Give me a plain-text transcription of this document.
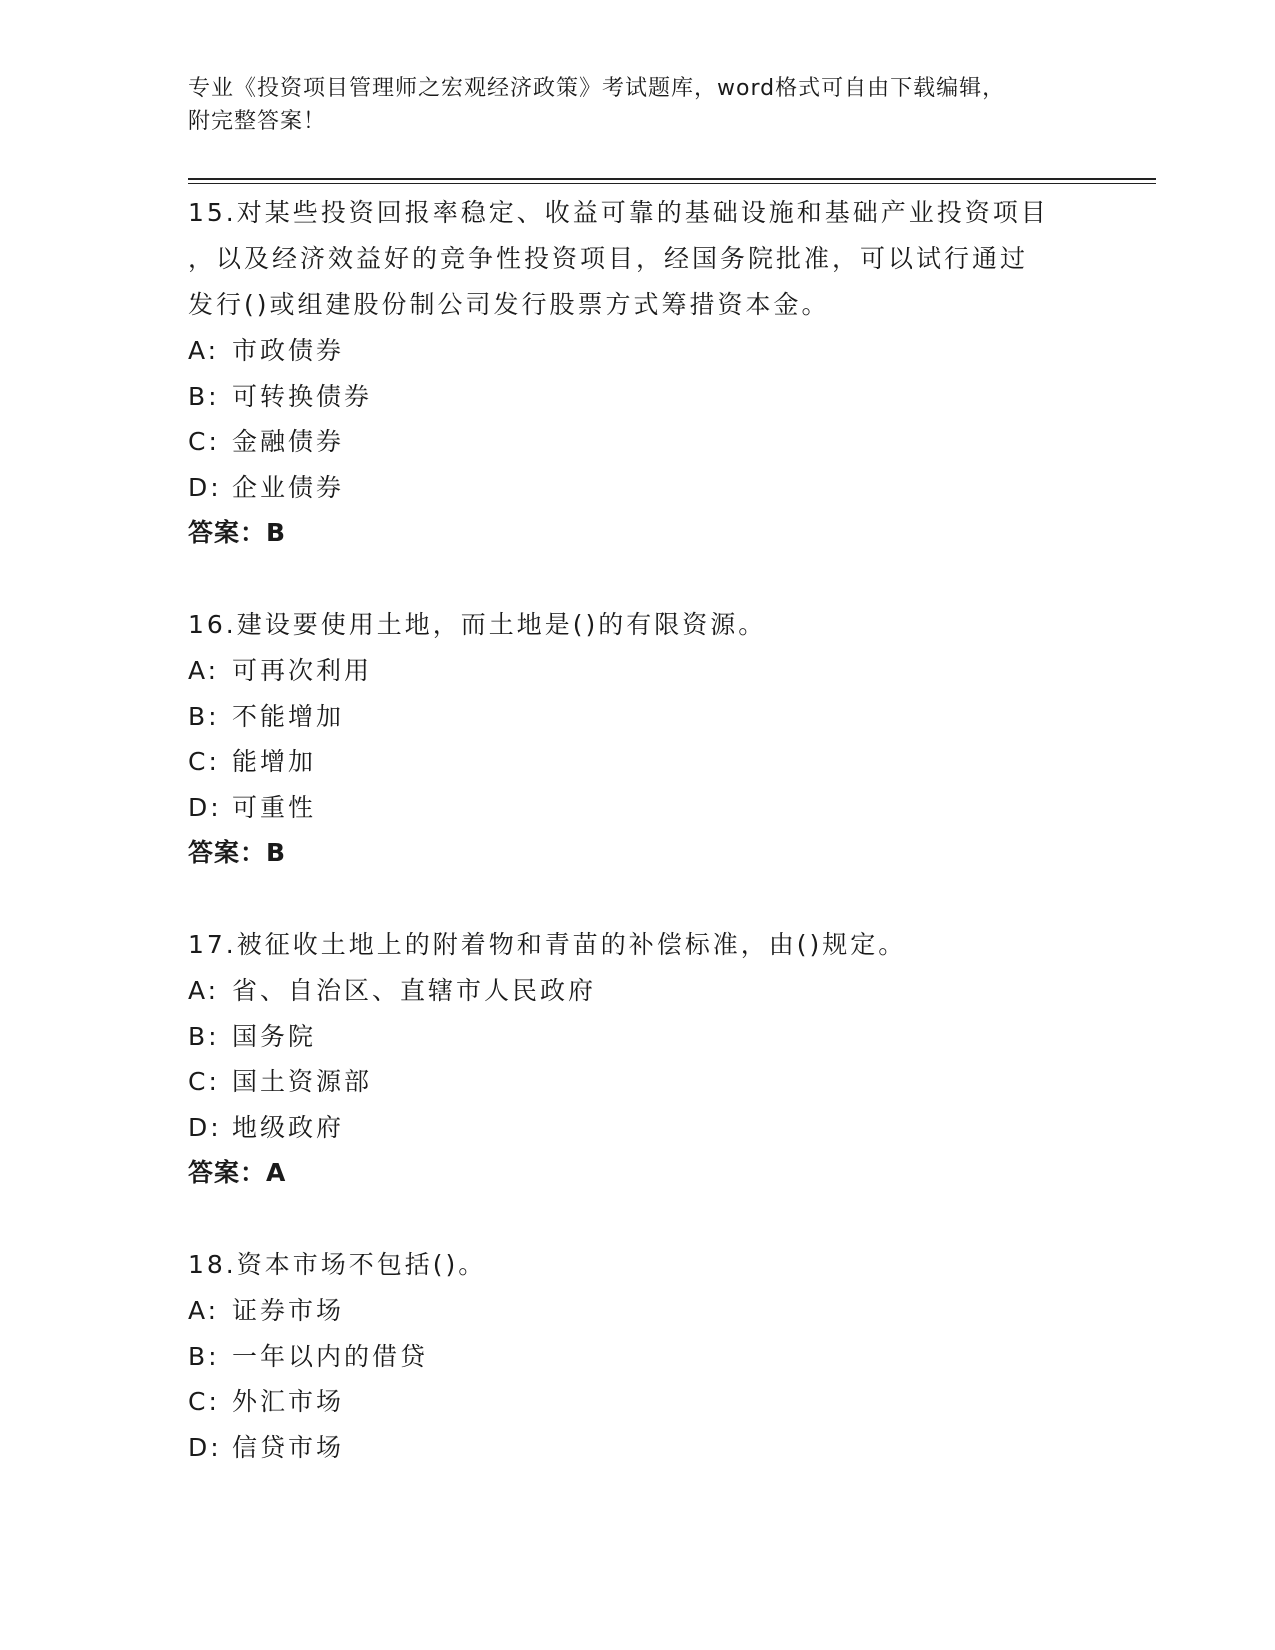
专业《投资项目管理师之宏观经济政策》考试题库，word格式可自由下载编辑，
附完整答案！
15.对某些投资回报率稳定、收益可靠的基础设施和基础产业投资项目
，以及经济效益好的竞争性投资项目，经国务院批准，可以试行通过
发行()或组建股份制公司发行股票方式筹措资本金。
A: 市政债券
B: 可转换债券
C: 金融债券
D: 企业债券
答案：B
16.建设要使用土地，而土地是()的有限资源。
A: 可再次利用
B: 不能增加
C: 能增加
D: 可重性
答案：B
17.被征收土地上的附着物和青苗的补偿标准，由()规定。
A: 省、自治区、直辖市人民政府
B: 国务院
C: 国土资源部
D: 地级政府
答案：A
18.资本市场不包括()。
A: 证券市场
B: 一年以内的借贷
C: 外汇市场
D: 信贷市场
